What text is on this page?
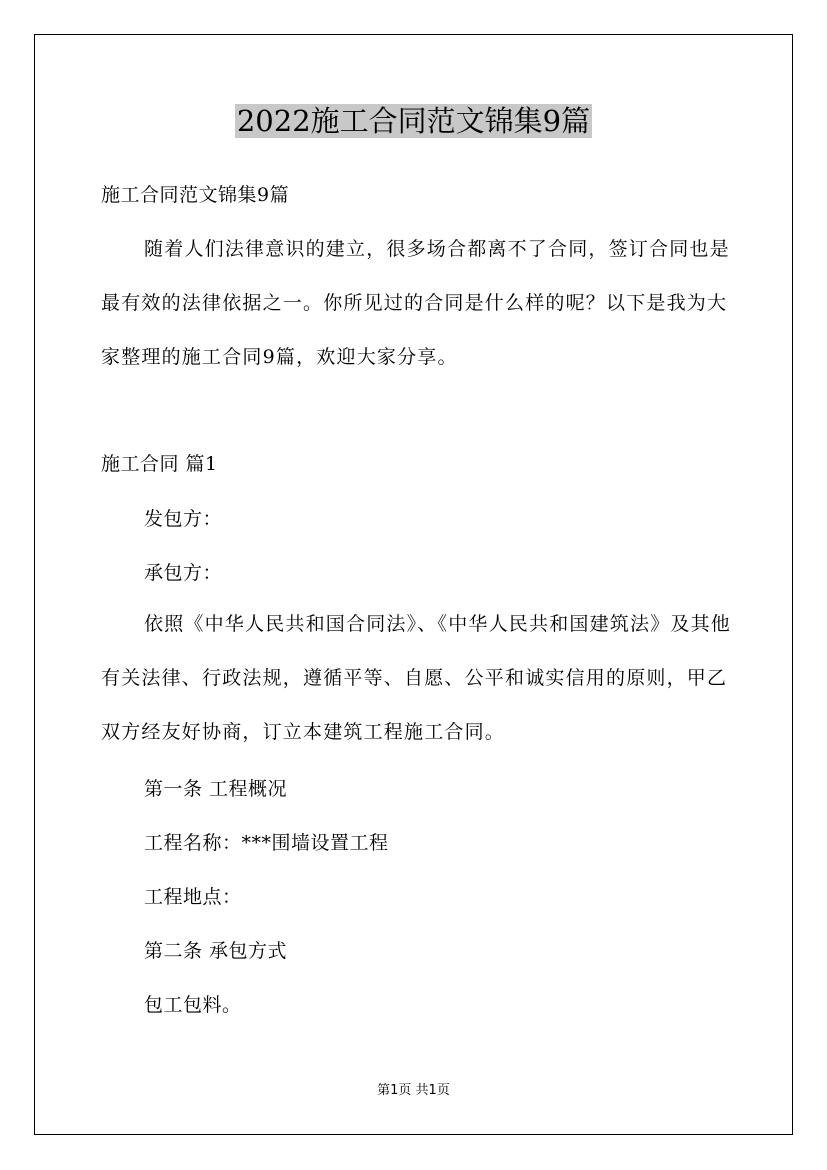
2022施工合同范文锦集9篇

施工合同范文锦集9篇

随着人们法律意识的建立，很多场合都离不了合同，签订合同也是最有效的法律依据之一。你所见过的合同是什么样的呢？以下是我为大家整理的施工合同9篇，欢迎大家分享。

施工合同 篇1

发包方：

承包方：

依照《中华人民共和国合同法》、《中华人民共和国建筑法》及其他有关法律、行政法规，遵循平等、自愿、公平和诚实信用的原则，甲乙双方经友好协商，订立本建筑工程施工合同。

第一条 工程概况

工程名称：***围墙设置工程

工程地点：

第二条 承包方式

包工包料。

第1页 共1页
